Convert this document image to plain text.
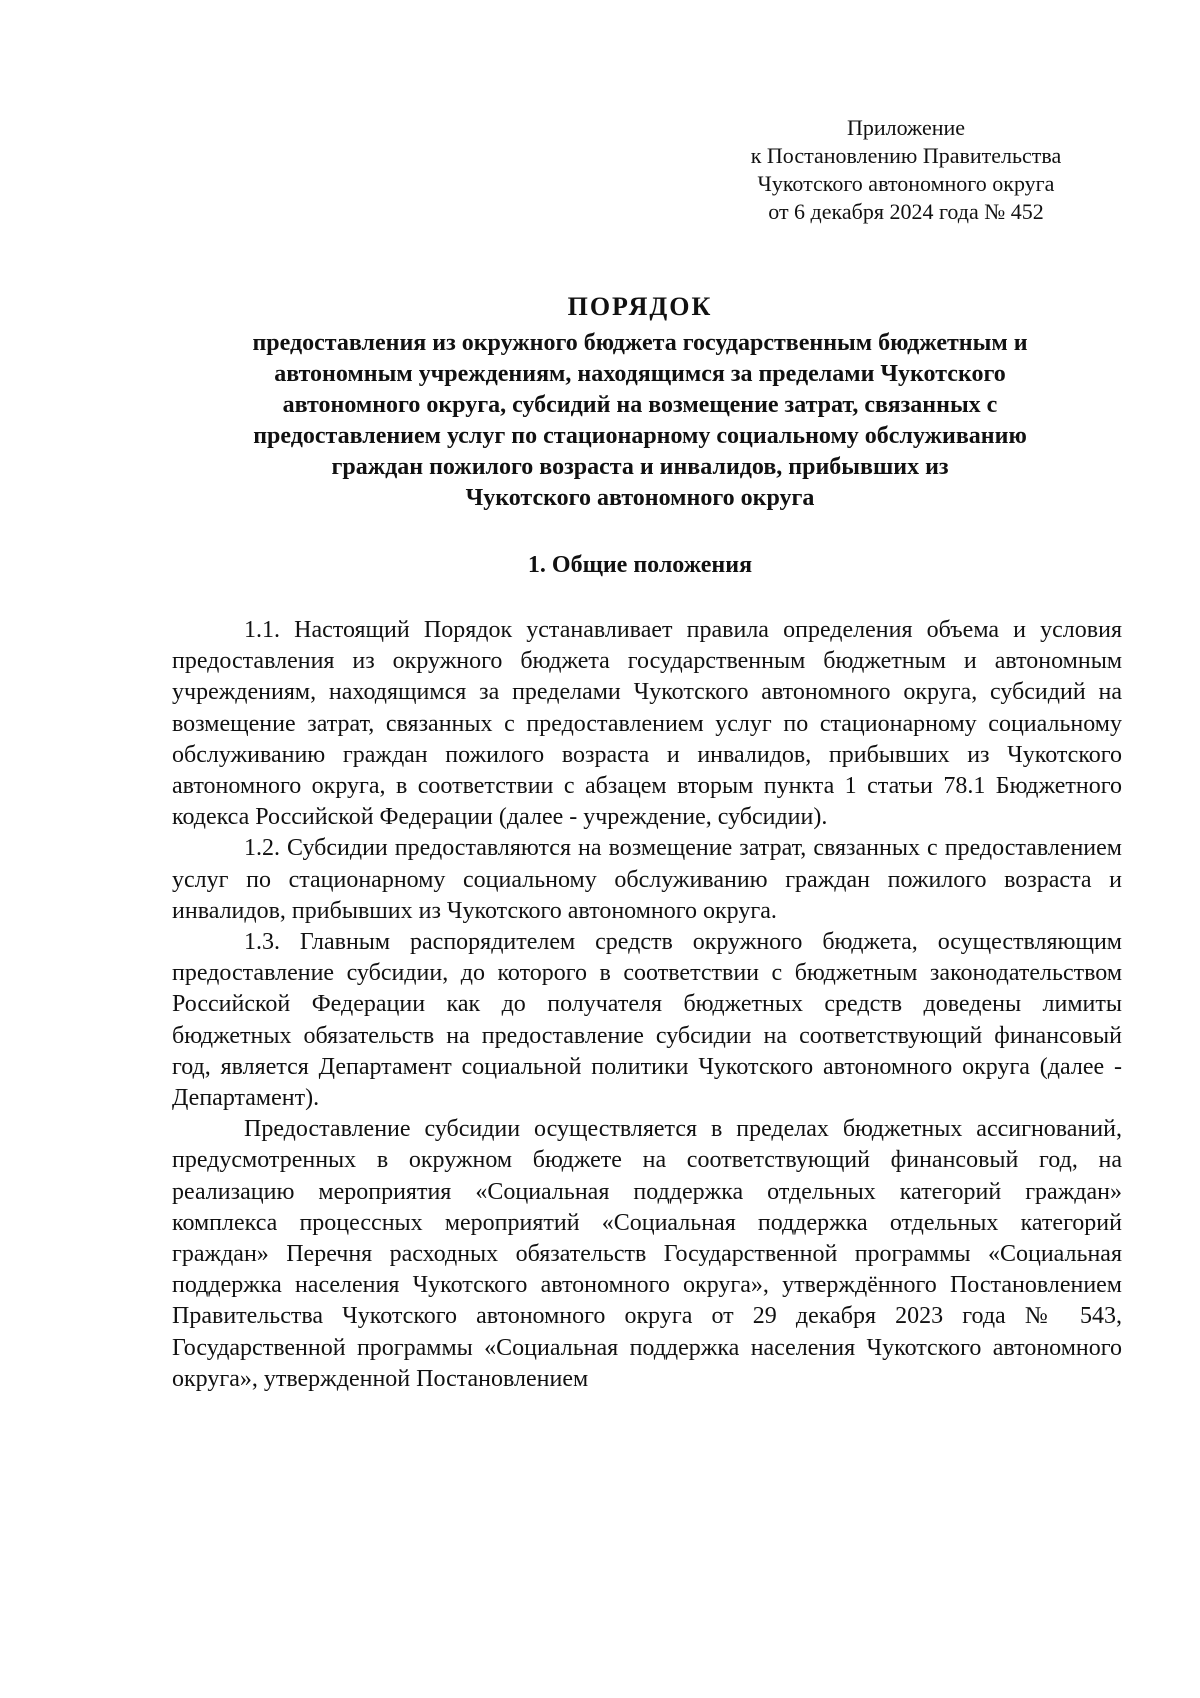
Приложение
к Постановлению Правительства
Чукотского автономного округа
от 6 декабря 2024 года № 452
ПОРЯДОК
предоставления из окружного бюджета государственным бюджетным и
автономным учреждениям, находящимся за пределами Чукотского
автономного округа, субсидий на возмещение затрат, связанных с
предоставлением услуг по стационарному социальному обслуживанию
граждан пожилого возраста и инвалидов, прибывших из
Чукотского автономного округа
1. Общие положения

1.1. Настоящий Порядок устанавливает правила определения объема и условия предоставления из окружного бюджета государственным бюджетным и автономным учреждениям, находящимся за пределами Чукотского автономного округа, субсидий на возмещение затрат, связанных с предоставлением услуг по стационарному социальному обслуживанию граждан пожилого возраста и инвалидов, прибывших из Чукотского автономного округа, в соответствии с абзацем вторым пункта 1 статьи 78.1 Бюджетного кодекса Российской Федерации (далее - учреждение, субсидии).

1.2. Субсидии предоставляются на возмещение затрат, связанных с предоставлением услуг по стационарному социальному обслуживанию граждан пожилого возраста и инвалидов, прибывших из Чукотского автономного округа.

1.3. Главным распорядителем средств окружного бюджета, осуществляющим предоставление субсидии, до которого в соответствии с бюджетным законодательством Российской Федерации как до получателя бюджетных средств доведены лимиты бюджетных обязательств на предоставление субсидии на соответствующий финансовый год, является Департамент социальной политики Чукотского автономного округа (далее - Департамент).

Предоставление субсидии осуществляется в пределах бюджетных ассигнований, предусмотренных в окружном бюджете на соответствующий финансовый год, на реализацию мероприятия «Социальная поддержка отдельных категорий граждан» комплекса процессных мероприятий «Социальная поддержка отдельных категорий граждан» Перечня расходных обязательств Государственной программы «Социальная поддержка населения Чукотского автономного округа», утверждённого Постановлением Правительства Чукотского автономного округа от 29 декабря 2023 года № 543, Государственной программы «Социальная поддержка населения Чукотского автономного округа», утвержденной Постановлением
